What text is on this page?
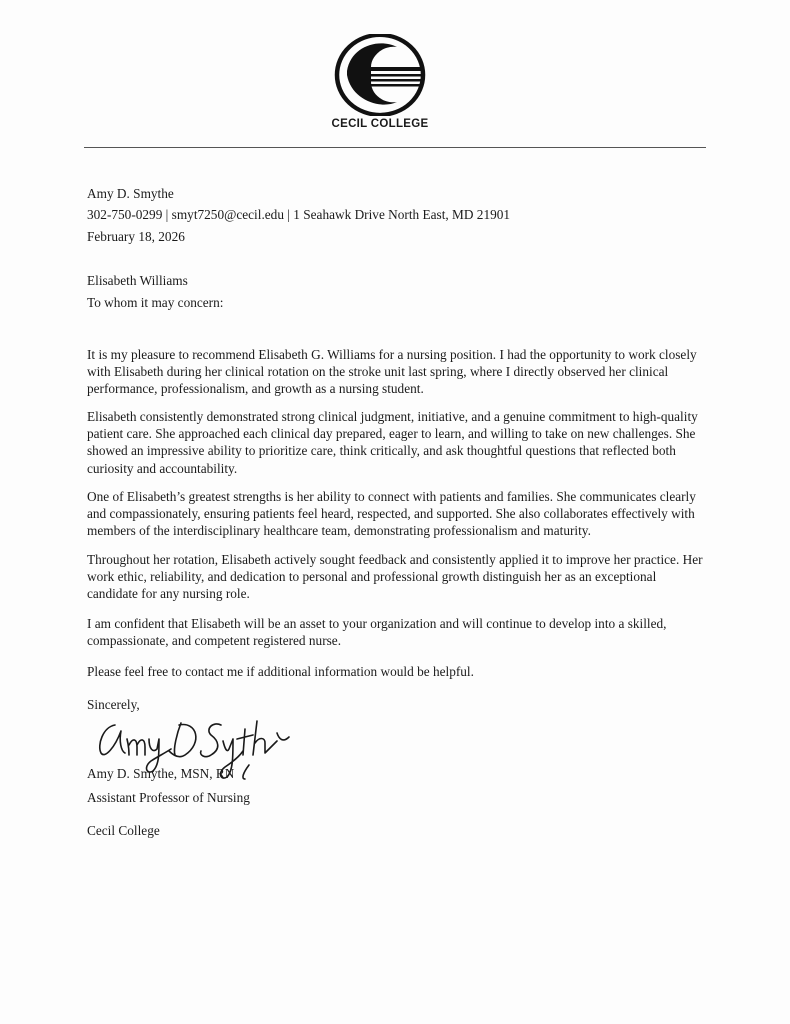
CECIL COLLEGE
Amy D. Smythe
302-750-0299 | smyt7250@cecil.edu | 1 Seahawk Drive North East, MD 21901
February 18, 2026
Elisabeth Williams
To whom it may concern:
It is my pleasure to recommend Elisabeth G. Williams for a nursing position. I had the opportunity to work closely
with Elisabeth during her clinical rotation on the stroke unit last spring, where I directly observed her clinical
performance, professionalism, and growth as a nursing student.
Elisabeth consistently demonstrated strong clinical judgment, initiative, and a genuine commitment to high-quality
patient care. She approached each clinical day prepared, eager to learn, and willing to take on new challenges. She
showed an impressive ability to prioritize care, think critically, and ask thoughtful questions that reflected both
curiosity and accountability.
One of Elisabeth’s greatest strengths is her ability to connect with patients and families. She communicates clearly
and compassionately, ensuring patients feel heard, respected, and supported. She also collaborates effectively with
members of the interdisciplinary healthcare team, demonstrating professionalism and maturity.
Throughout her rotation, Elisabeth actively sought feedback and consistently applied it to improve her practice. Her
work ethic, reliability, and dedication to personal and professional growth distinguish her as an exceptional
candidate for any nursing role.
I am confident that Elisabeth will be an asset to your organization and will continue to develop into a skilled,
compassionate, and competent registered nurse.
Please feel free to contact me if additional information would be helpful.
Sincerely,
Amy D. Smythe, MSN, RN
Assistant Professor of Nursing
Cecil College
